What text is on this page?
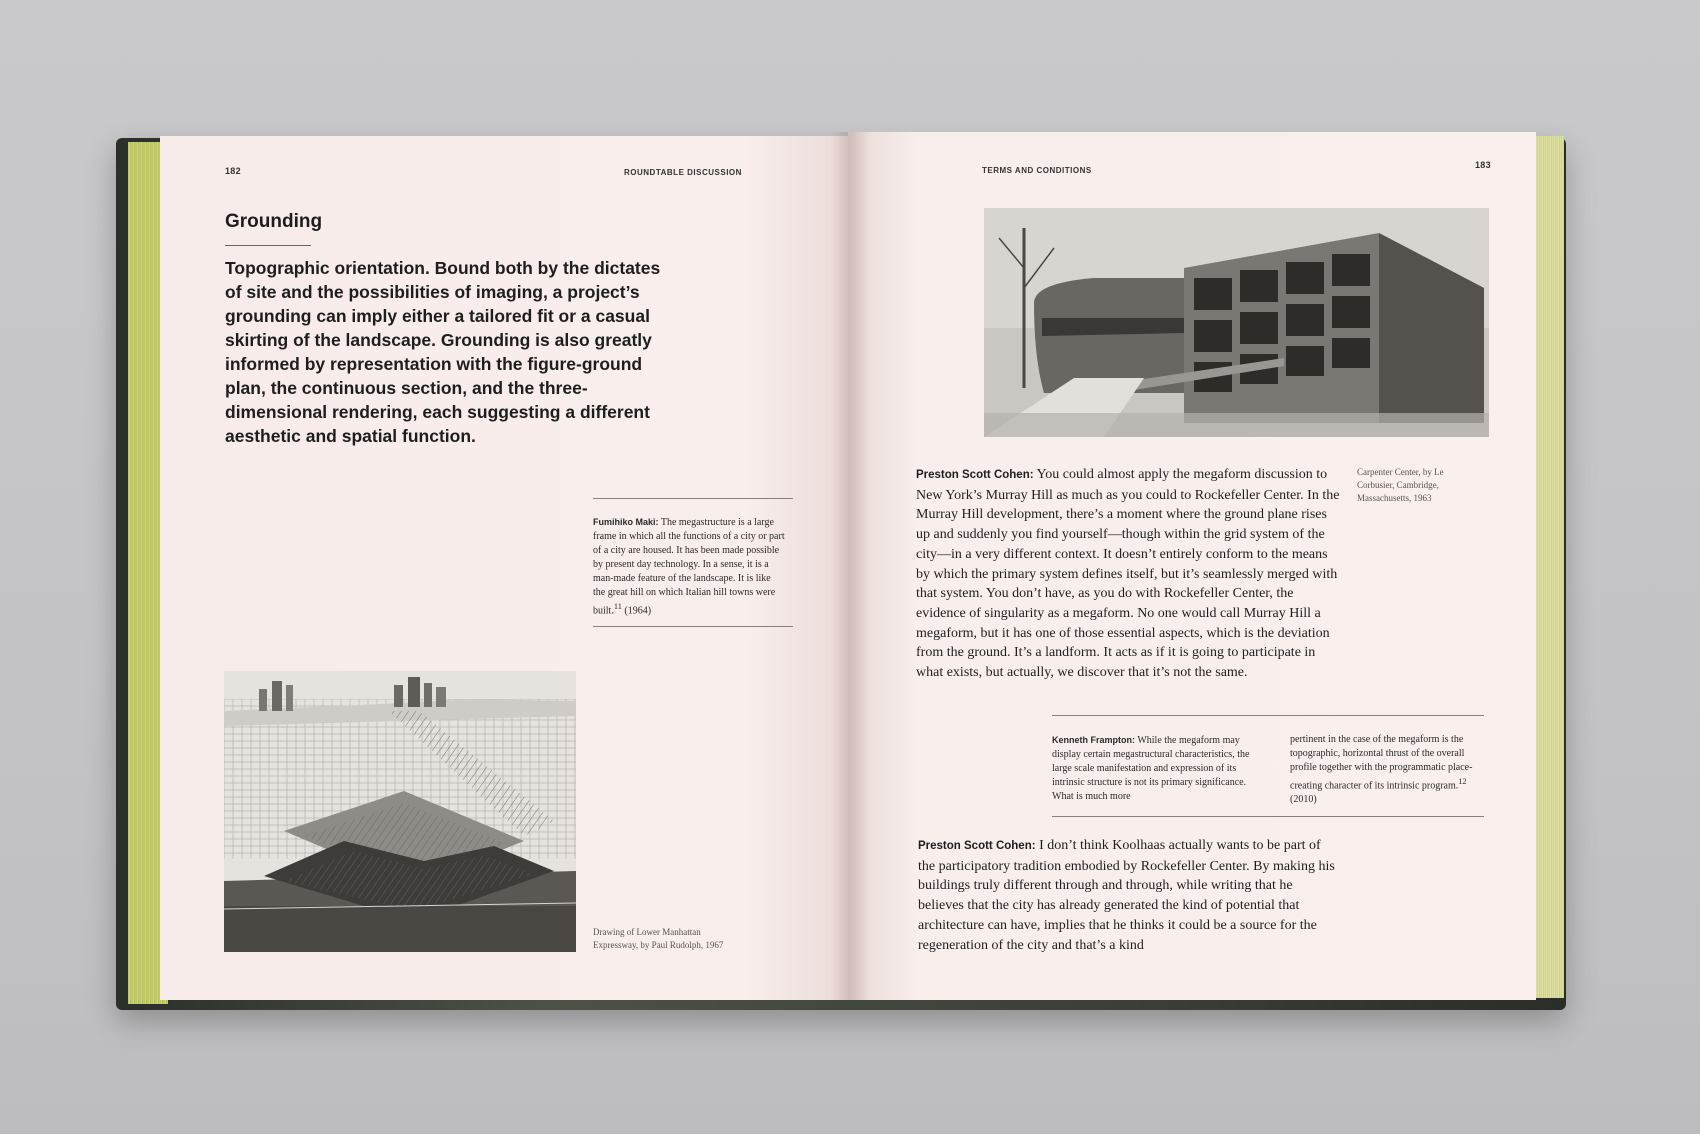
182	ROUNDTABLE DISCUSSION
Grounding

Topographic orientation. Bound both by the dictates of site and the possibilities of imaging, a project’s grounding can imply either a tailored fit or a casual skirting of the landscape. Grounding is also greatly informed by representation with the figure-ground plan, the continuous section, and the three-dimensional rendering, each suggesting a different aesthetic and spatial function.

Fumihiko Maki: The megastructure is a large frame in which all the functions of a city or part of a city are housed. It has been made possible by present day technology. In a sense, it is a man-made feature of the landscape. It is like the great hill on which Italian hill towns were built.$^{11}$ (1964)

Drawing of Lower Manhattan Expressway, by Paul Rudolph, 1967

TERMS AND CONDITIONS
183

Carpenter Center, by Le Corbusier, Cambridge, Massachusetts, 1963

Preston Scott Cohen: You could almost apply the megaform discussion to New York’s Murray Hill as much as you could to Rockefeller Center. In the Murray Hill development, there’s a moment where the ground plane rises up and suddenly you find yourself—though within the grid system of the city—in a very different context. It doesn’t entirely conform to the means by which the primary system defines itself, but it’s seamlessly merged with that system. You don’t have, as you do with Rockefeller Center, the evidence of singularity as a megaform. No one would call Murray Hill a megaform, but it has one of those essential aspects, which is the deviation from the ground. It’s a landform. It acts as if it is going to participate in what exists, but actually, we discover that it’s not the same.

Kenneth Frampton: While the megaform may display certain megastructural characteristics, the large scale manifestation and expression of its intrinsic structure is not its primary significance. What is much more

pertinent in the case of the megaform is the topographic, horizontal thrust of the overall profile together with the programmatic place-creating character of its intrinsic program.$^{12}$ (2010)

Preston Scott Cohen: I don’t think Koolhaas actually wants to be part of the participatory tradition embodied by Rockefeller Center. By making his buildings truly different through and through, while writing that he believes that the city has already generated the kind of potential that architecture can have, implies that he thinks it could be a source for the regeneration of the city and that’s a kind
